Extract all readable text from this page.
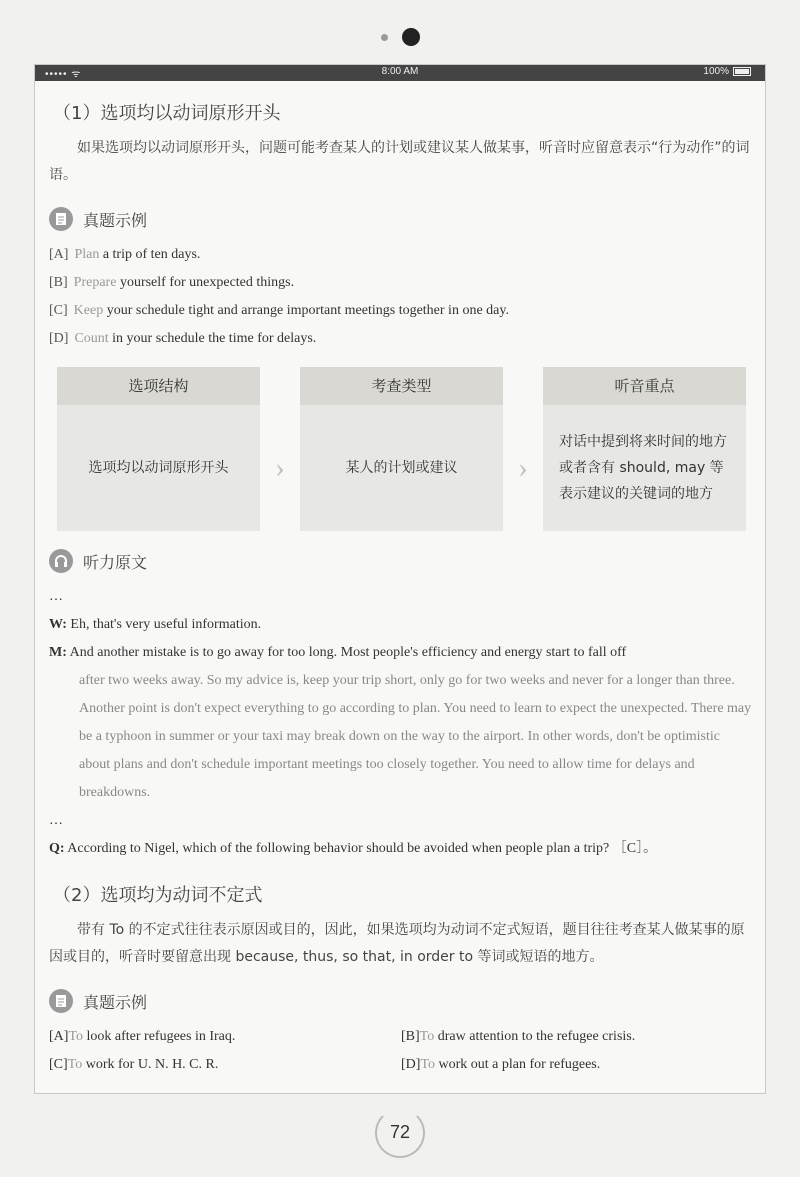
••••• ᯤ	8:00 AM	100%
（1）选项均以动词原形开头

如果选项均以动词原形开头，问题可能考查某人的计划或建议某人做某事，听音时应留意表示“行为动作”的词语。

真题示例
[A] Plan a trip of ten days.
[B] Prepare yourself for unexpected things.
[C] Keep your schedule tight and arrange important meetings together in one day.
[D] Count in your schedule the time for delays.
选项结构
选项均以动词原形开头	›
考查类型
某人的计划或建议	›
听音重点
对话中提到将来时间的地方或者含有 should, may 等表示建议的关键词的地方
听力原文
…
W: Eh, that's very useful information.
M: And another mistake is to go away for too long. Most people's efficiency and energy start to fall off
after two weeks away. So my advice is, keep your trip short, only go for two weeks and never for a longer than three. Another point is don't expect everything to go according to plan. You need to learn to expect the unexpected. There may be a typhoon in summer or your taxi may break down on the way to the airport. In other words, don't be optimistic about plans and don't schedule important meetings too closely together. You need to allow time for delays and breakdowns.
…
Q: According to Nigel, which of the following behavior should be avoided when people plan a trip? ［C］。
（2）选项均为动词不定式

带有 To 的不定式往往表示原因或目的，因此，如果选项均为动词不定式短语，题目往往考查某人做某事的原因或目的，听音时要留意出现 because, thus, so that, in order to 等词或短语的地方。

真题示例
[A]To look after refugees in Iraq.	[B]To draw attention to the refugee crisis.
[C]To work for U. N. H. C. R.	[D]To work out a plan for refugees.
72
